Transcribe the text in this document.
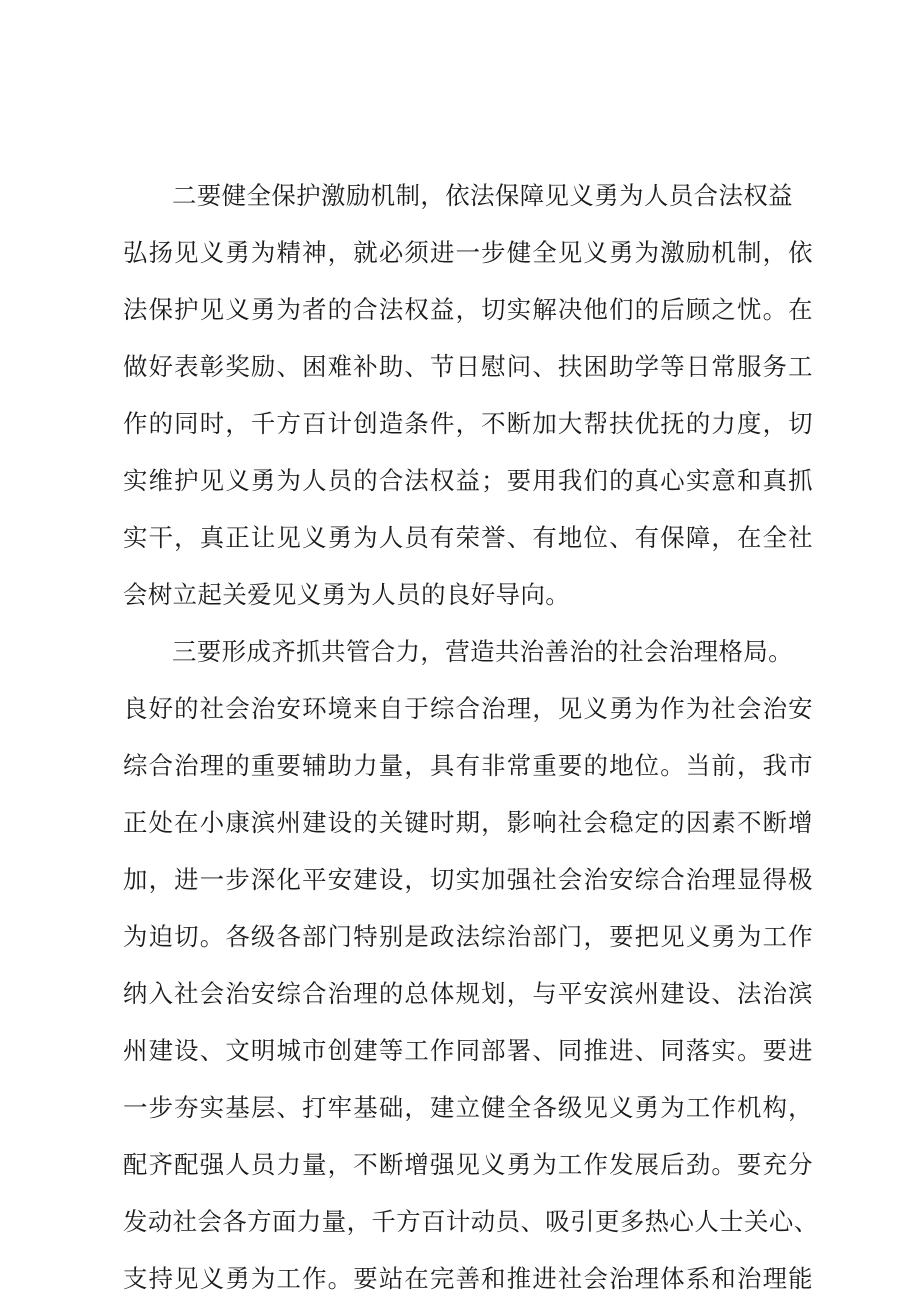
二要健全保护激励机制，依法保障见义勇为人员合法权益
弘扬见义勇为精神，就必须进一步健全见义勇为激励机制，依
法保护见义勇为者的合法权益，切实解决他们的后顾之忧。在
做好表彰奖励、困难补助、节日慰问、扶困助学等日常服务工
作的同时，千方百计创造条件，不断加大帮扶优抚的力度，切
实维护见义勇为人员的合法权益；要用我们的真心实意和真抓
实干，真正让见义勇为人员有荣誉、有地位、有保障，在全社
会树立起关爱见义勇为人员的良好导向。
三要形成齐抓共管合力，营造共治善治的社会治理格局。
良好的社会治安环境来自于综合治理，见义勇为作为社会治安
综合治理的重要辅助力量，具有非常重要的地位。当前，我市
正处在小康滨州建设的关键时期，影响社会稳定的因素不断增
加，进一步深化平安建设，切实加强社会治安综合治理显得极
为迫切。各级各部门特别是政法综治部门，要把见义勇为工作
纳入社会治安综合治理的总体规划，与平安滨州建设、法治滨
州建设、文明城市创建等工作同部署、同推进、同落实。要进
一步夯实基层、打牢基础，建立健全各级见义勇为工作机构，
配齐配强人员力量，不断增强见义勇为工作发展后劲。要充分
发动社会各方面力量，千方百计动员、吸引更多热心人士关心、
支持见义勇为工作。要站在完善和推进社会治理体系和治理能
